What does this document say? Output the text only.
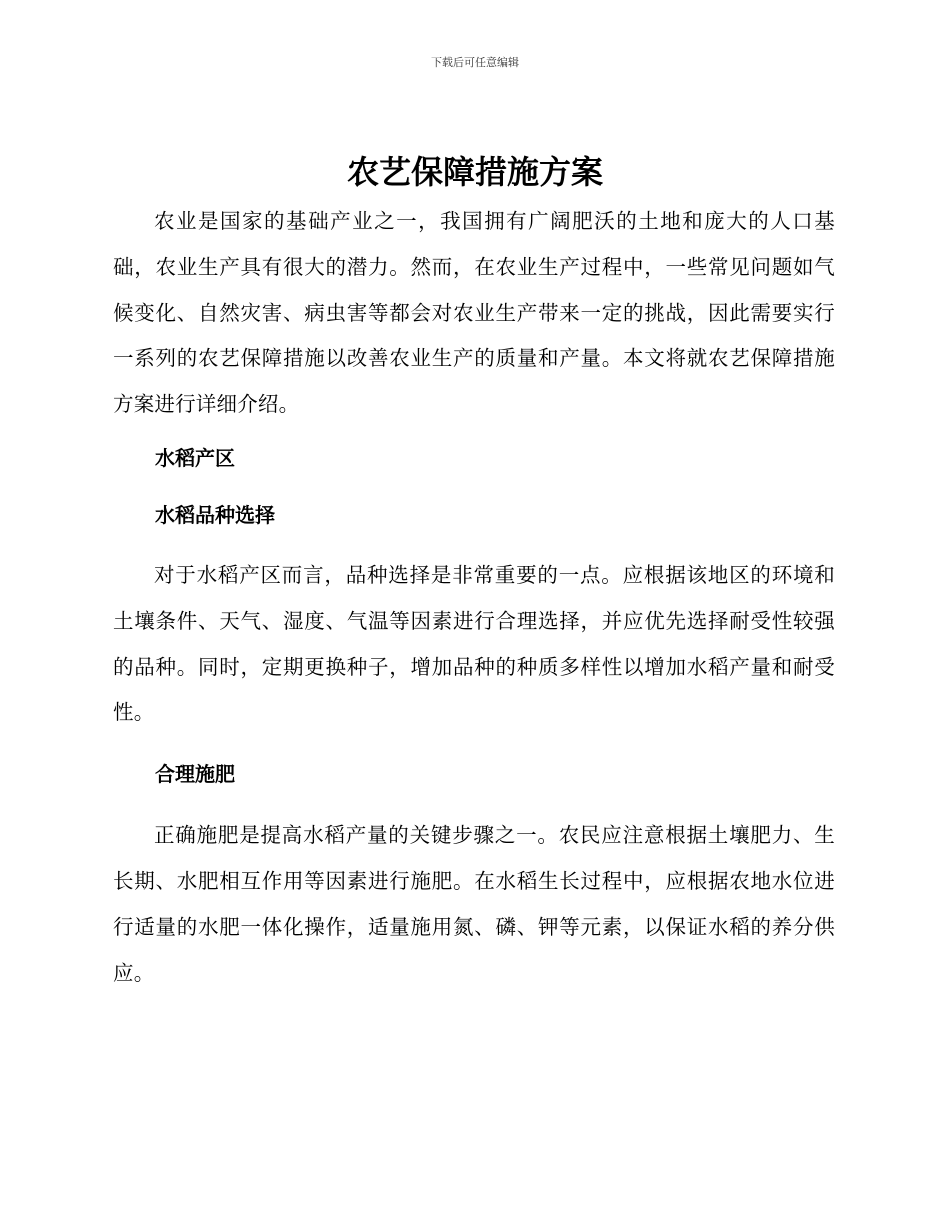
下载后可任意编辑
农艺保障措施方案

农业是国家的基础产业之一，我国拥有广阔肥沃的土地和庞大的人口基础，农业生产具有很大的潜力。然而，在农业生产过程中，一些常见问题如气候变化、自然灾害、病虫害等都会对农业生产带来一定的挑战，因此需要实行一系列的农艺保障措施以改善农业生产的质量和产量。本文将就农艺保障措施方案进行详细介绍。

水稻产区

水稻品种选择

对于水稻产区而言，品种选择是非常重要的一点。应根据该地区的环境和土壤条件、天气、湿度、气温等因素进行合理选择，并应优先选择耐受性较强的品种。同时，定期更换种子，增加品种的种质多样性以增加水稻产量和耐受性。

合理施肥

正确施肥是提高水稻产量的关键步骤之一。农民应注意根据土壤肥力、生长期、水肥相互作用等因素进行施肥。在水稻生长过程中，应根据农地水位进行适量的水肥一体化操作，适量施用氮、磷、钾等元素，以保证水稻的养分供应。
